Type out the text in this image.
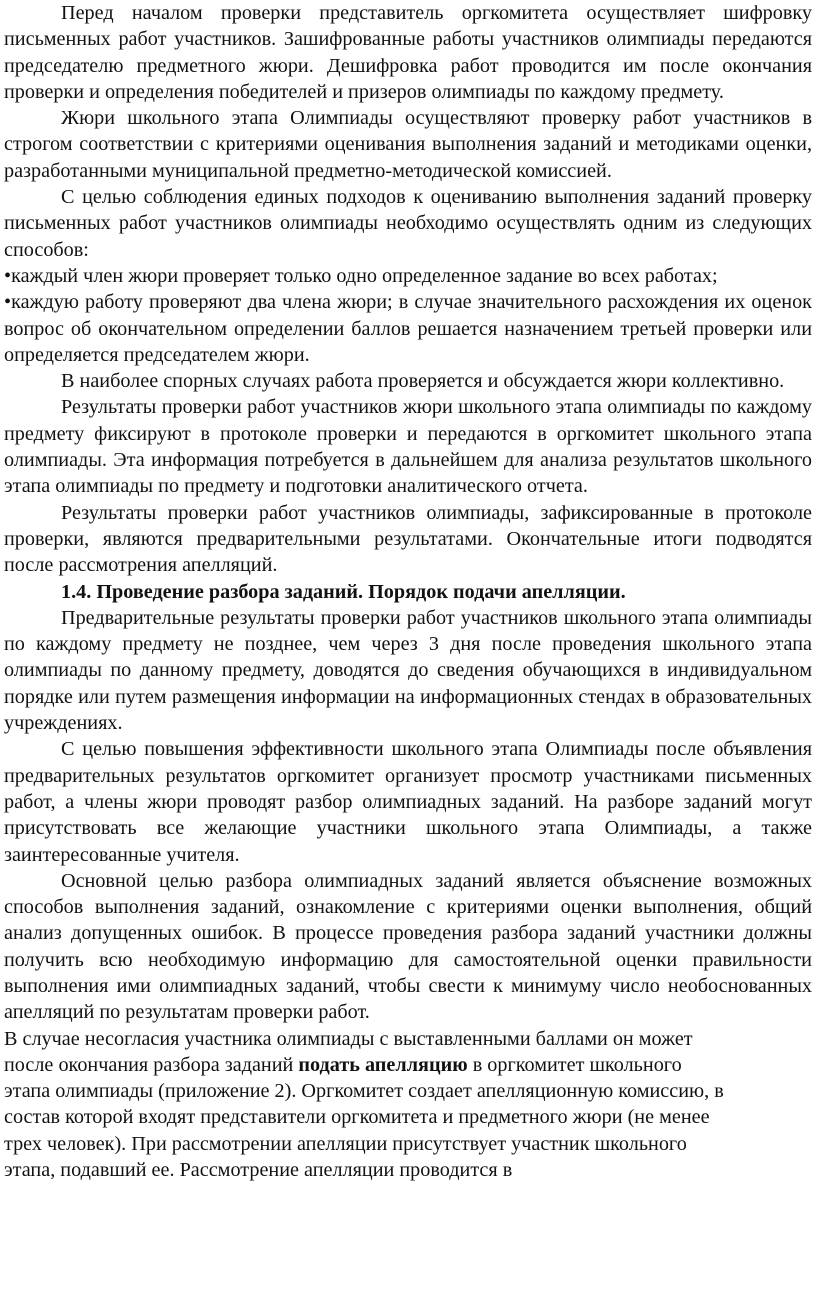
Перед началом проверки представитель оргкомитета осуществляет шифровку письменных работ участников. Зашифрованные работы участников олимпиады передаются председателю предметного жюри. Дешифровка работ проводится им после окончания проверки и определения победителей и призеров олимпиады по каждому предмету.

Жюри школьного этапа Олимпиады осуществляют проверку работ участников в строгом соответствии с критериями оценивания выполнения заданий и методиками оценки, разработанными муниципальной предметно-методической комиссией.

С целью соблюдения единых подходов к оцениванию выполнения заданий проверку письменных работ участников олимпиады необходимо осуществлять одним из следующих способов:

•каждый член жюри проверяет только одно определенное задание во всех работах;

•каждую работу проверяют два члена жюри; в случае значительного расхождения их оценок вопрос об окончательном определении баллов решается назначением третьей проверки или определяется председателем жюри.

В наиболее спорных случаях работа проверяется и обсуждается жюри коллективно.

Результаты проверки работ участников жюри школьного этапа олимпиады по каждому предмету фиксируют в протоколе проверки и передаются в оргкомитет школьного этапа олимпиады. Эта информация потребуется в дальнейшем для анализа результатов школьного этапа олимпиады по предмету и подготовки аналитического отчета.

Результаты проверки работ участников олимпиады, зафиксированные в протоколе проверки, являются предварительными результатами. Окончательные итоги подводятся после рассмотрения апелляций.

1.4. Проведение разбора заданий. Порядок подачи апелляции.

Предварительные результаты проверки работ участников школьного этапа олимпиады по каждому предмету не позднее, чем через 3 дня после проведения школьного этапа олимпиады по данному предмету, доводятся до сведения обучающихся в индивидуальном порядке или путем размещения информации на информационных стендах в образовательных учреждениях.

С целью повышения эффективности школьного этапа Олимпиады после объявления предварительных результатов оргкомитет организует просмотр участниками письменных работ, а члены жюри проводят разбор олимпиадных заданий. На разборе заданий могут присутствовать все желающие участники школьного этапа Олимпиады, а также заинтересованные учителя.

Основной целью разбора олимпиадных заданий является объяснение возможных способов выполнения заданий, ознакомление с критериями оценки выполнения, общий анализ допущенных ошибок. В процессе проведения разбора заданий участники должны получить всю необходимую информацию для самостоятельной оценки правильности выполнения ими олимпиадных заданий, чтобы свести к минимуму число необоснованных апелляций по результатам проверки работ.

В случае несогласия участника олимпиады с выставленными баллами он может

после окончания разбора заданий подать апелляцию в оргкомитет школьного

этапа олимпиады (приложение 2). Оргкомитет создает апелляционную комиссию, в

состав которой входят представители оргкомитета и предметного жюри (не менее

трех человек). При рассмотрении апелляции присутствует участник школьного

этапа, подавший ее. Рассмотрение апелляции проводится в
